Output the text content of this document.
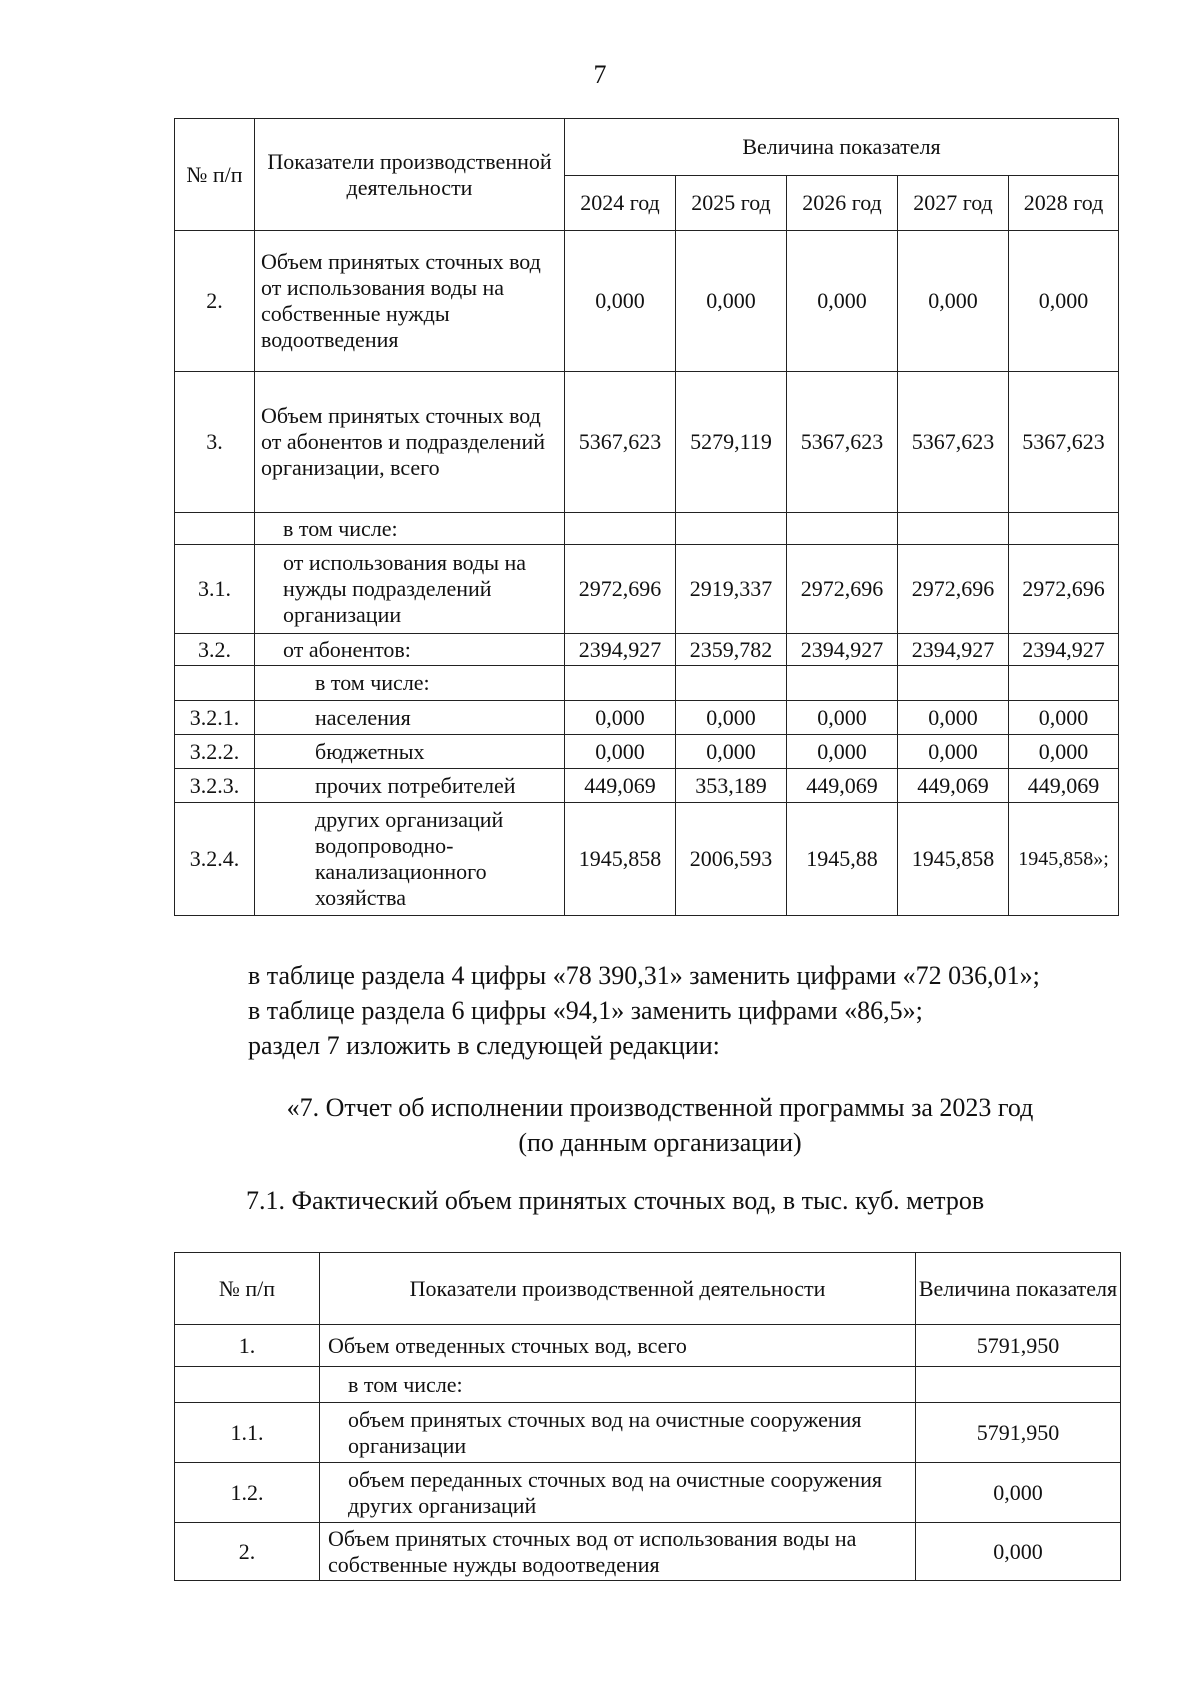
7
№ п/п	Показатели производственной деятельности	Величина показателя				
		2024 год	2025 год	2026 год	2027 год	2028 год
2.	Объем принятых сточных вод от использования воды на собственные нужды водоотведения	0,000	0,000	0,000	0,000	0,000
3.	Объем принятых сточных вод от абонентов и подразделений организации, всего	5367,623	5279,119	5367,623	5367,623	5367,623
	в том числе:					
3.1.	от использования воды на нужды подразделений организации	2972,696	2919,337	2972,696	2972,696	2972,696
3.2.	от абонентов:	2394,927	2359,782	2394,927	2394,927	2394,927
	в том числе:					
3.2.1.	населения	0,000	0,000	0,000	0,000	0,000
3.2.2.	бюджетных	0,000	0,000	0,000	0,000	0,000
3.2.3.	прочих потребителей	449,069	353,189	449,069	449,069	449,069
3.2.4.	других организаций водопроводно-канализационного хозяйства	1945,858	2006,593	1945,88	1945,858	1945,858»;
в таблице раздела 4 цифры «78 390,31» заменить цифрами «72 036,01»;
в таблице раздела 6 цифры «94,1» заменить цифрами «86,5»;
раздел 7 изложить в следующей редакции:
«7. Отчет об исполнении производственной программы за 2023 год
(по данным организации)
7.1. Фактический объем принятых сточных вод, в тыс. куб. метров
№ п/п	Показатели производственной деятельности	Величина показателя
1.	Объем отведенных сточных вод, всего	5791,950
	в том числе:	
1.1.	объем принятых сточных вод на очистные сооружения организации	5791,950
1.2.	объем переданных сточных вод на очистные сооружения других организаций	0,000
2.	Объем принятых сточных вод от использования воды на собственные нужды водоотведения	0,000
